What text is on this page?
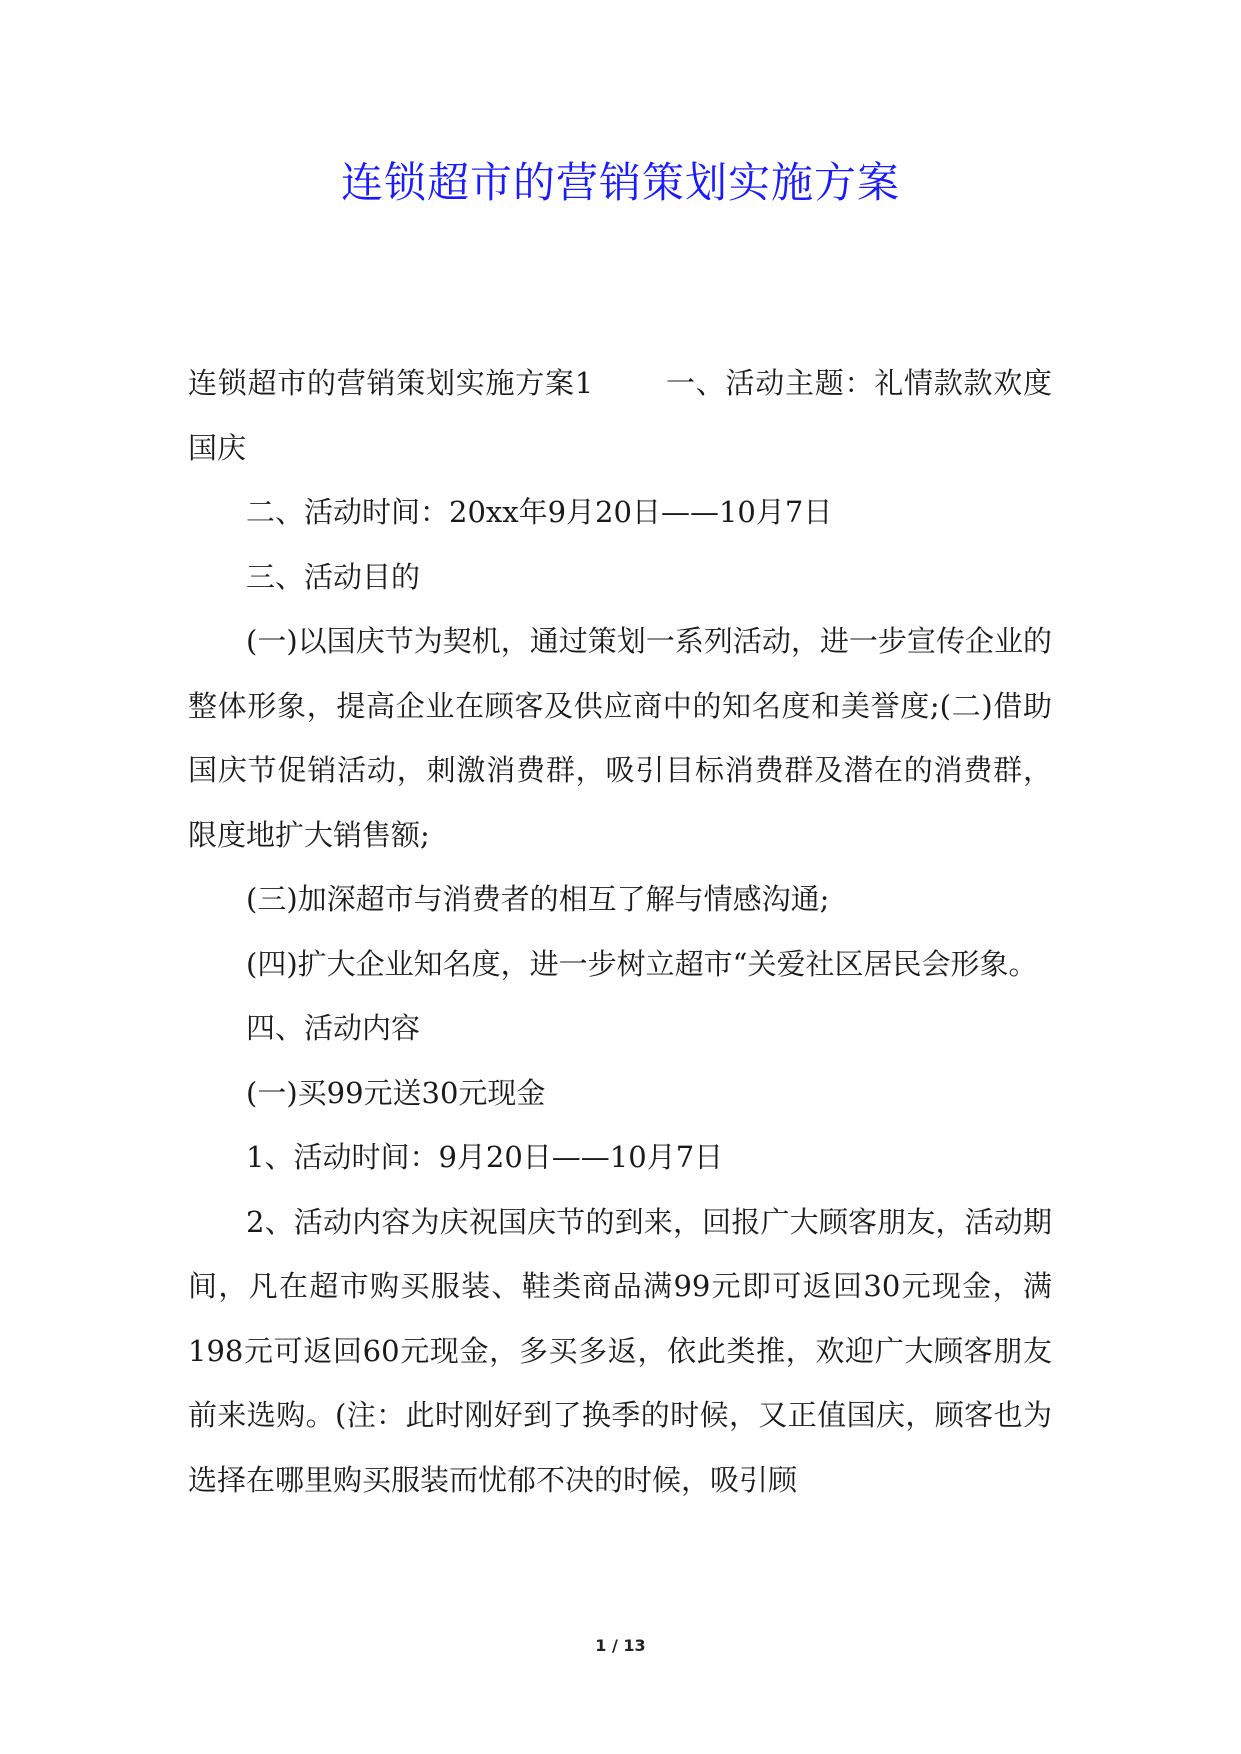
连锁超市的营销策划实施方案

连锁超市的营销策划实施方案1 一、活动主题：礼情款款欢度国庆

二、活动时间：20xx年9月20日——10月7日

三、活动目的

(一)以国庆节为契机，通过策划一系列活动，进一步宣传企业的整体形象，提高企业在顾客及供应商中的知名度和美誉度;(二)借助国庆节促销活动，刺激消费群，吸引目标消费群及潜在的消费群，限度地扩大销售额;

(三)加深超市与消费者的相互了解与情感沟通;

(四)扩大企业知名度，进一步树立超市“关爱社区居民会形象。

四、活动内容

(一)买99元送30元现金

1、活动时间：9月20日——10月7日

2、活动内容为庆祝国庆节的到来，回报广大顾客朋友，活动期间，凡在超市购买服装、鞋类商品满99元即可返回30元现金，满198元可返回60元现金，多买多返，依此类推，欢迎广大顾客朋友前来选购。(注：此时刚好到了换季的时候，又正值国庆，顾客也为选择在哪里购买服装而忧郁不决的时候，吸引顾

1 / 13
